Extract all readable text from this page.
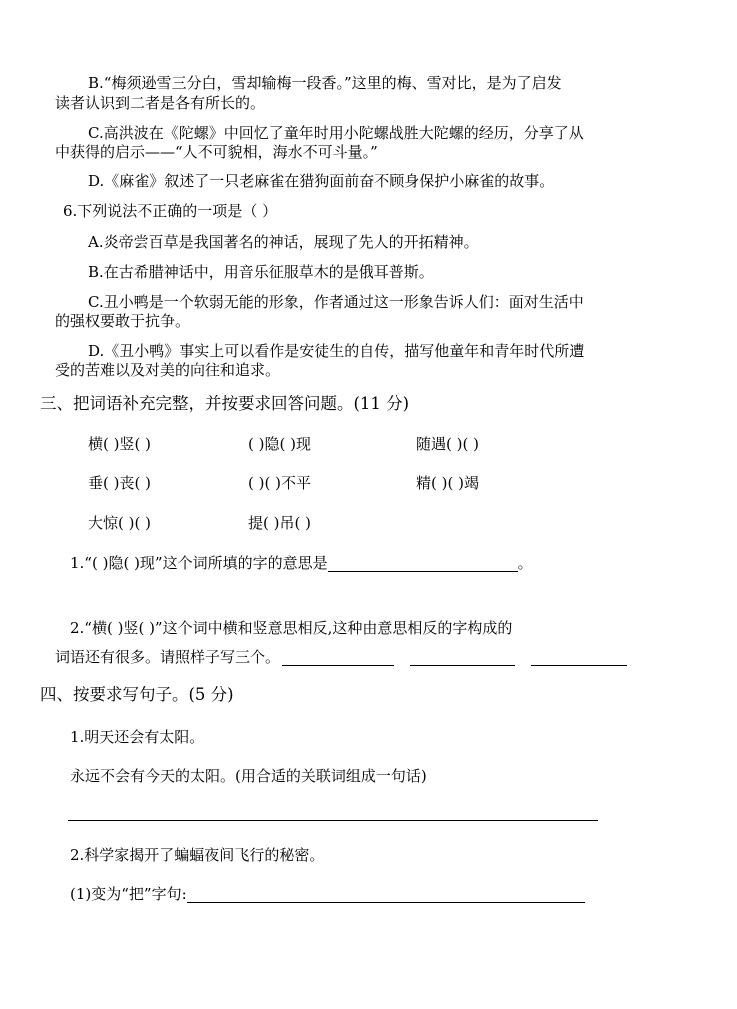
B.“梅须逊雪三分白，雪却输梅一段香。”这里的梅、雪对比，是为了启发
读者认识到二者是各有所长的。
C.高洪波在《陀螺》中回忆了童年时用小陀螺战胜大陀螺的经历，分享了从
中获得的启示——“人不可貌相，海水不可斗量。”
D.《麻雀》叙述了一只老麻雀在猎狗面前奋不顾身保护小麻雀的故事。
6.下列说法不正确的一项是（ ）
A.炎帝尝百草是我国著名的神话，展现了先人的开拓精神。
B.在古希腊神话中，用音乐征服草木的是俄耳普斯。
C.丑小鸭是一个软弱无能的形象，作者通过这一形象告诉人们：面对生活中
的强权要敢于抗争。
D.《丑小鸭》事实上可以看作是安徒生的自传，描写他童年和青年时代所遭
受的苦难以及对美的向往和追求。
三、把词语补充完整，并按要求回答问题。(11 分)
横( )竖( )	( )隐( )现	随遇( )( )
垂( )丧( )	( )( )不平	精( )( )竭
大惊( )( )	提( )吊( )
1.“( )隐( )现”这个词所填的字的意思是	。
2.“横( )竖( )”这个词中横和竖意思相反,这种由意思相反的字构成的
词语还有很多。请照样子写三个。
四、按要求写句子。(5 分)
1.明天还会有太阳。
永远不会有今天的太阳。(用合适的关联词组成一句话)
2.科学家揭开了蝙蝠夜间飞行的秘密。
(1)变为“把”字句:
